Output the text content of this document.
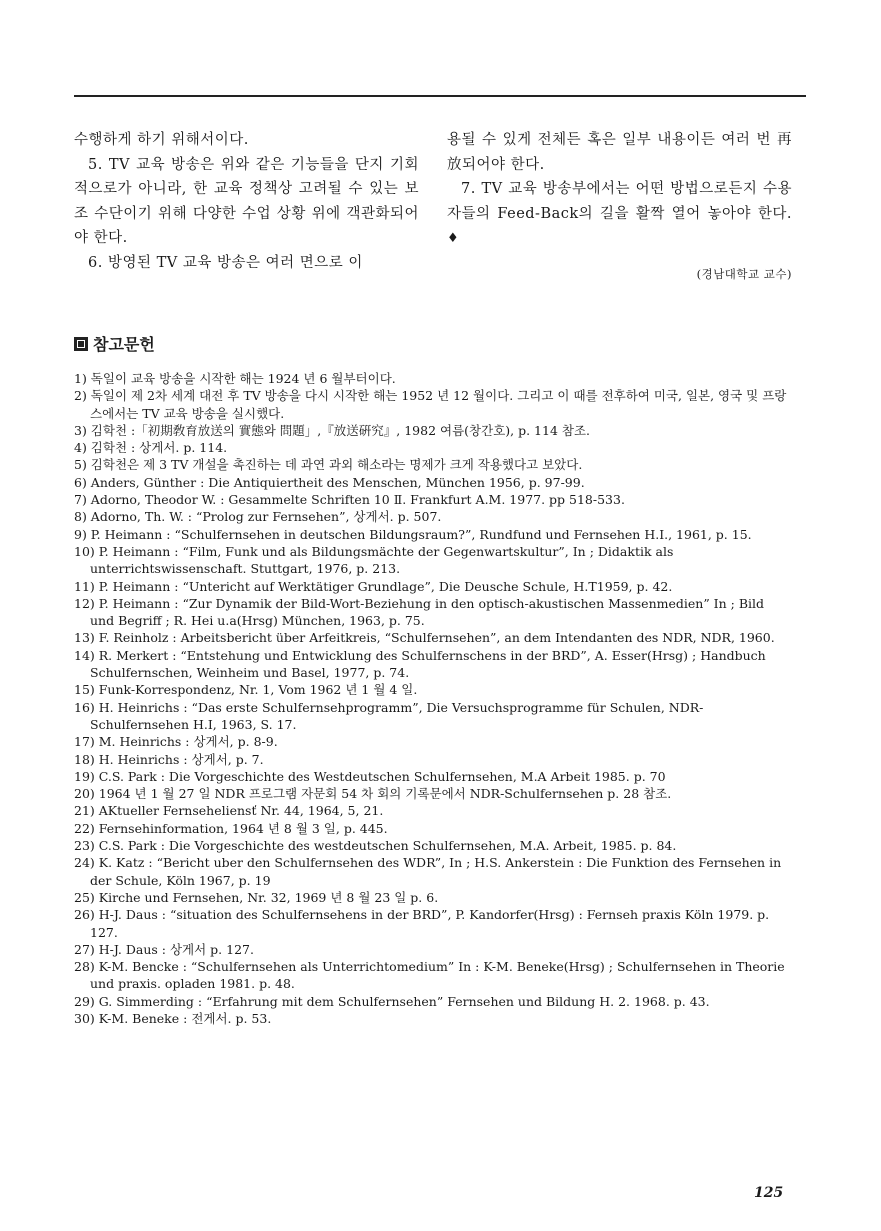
수행하게 하기 위해서이다.

5. TV 교육 방송은 위와 같은 기능들을 단지 기회적으로가 아니라, 한 교육 정책상 고려될 수 있는 보조 수단이기 위해 다양한 수업 상황 위에 객관화되어야 한다.

6. 방영된 TV 교육 방송은 여러 면으로 이

용될 수 있게 전체든 혹은 일부 내용이든 여러 번 再放되어야 한다.

7. TV 교육 방송부에서는 어떤 방법으로든지 수용자들의 Feed-Back의 길을 활짝 열어 놓아야 한다. ♦

(경남대학교 교수)

참고문헌
1) 독일이 교육 방송을 시작한 해는 1924 년 6 월부터이다.
2) 독일이 제 2차 세계 대전 후 TV 방송을 다시 시작한 해는 1952 년 12 월이다. 그리고 이 때를 전후하여 미국, 일본, 영국 및 프랑스에서는 TV 교육 방송을 실시했다.
3) 김학천 :「初期敎育放送의 實態와 問題」,『放送硏究』, 1982 여름(창간호), p. 114 참조.
4) 김학천 : 상게서. p. 114.
5) 김학천은 제 3 TV 개설을 촉진하는 데 과연 과외 해소라는 명제가 크게 작용했다고 보았다.
6) Anders, Günther : Die Antiquiertheit des Menschen, München 1956, p. 97-99.
7) Adorno, Theodor W. : Gesammelte Schriften 10 Ⅱ. Frankfurt A.M. 1977. pp 518-533.
8) Adorno, Th. W. : “Prolog zur Fernsehen”, 상게서. p. 507.
9) P. Heimann : “Schulfernsehen in deutschen Bildungsraum?”, Rundfund und Fernsehen H.I., 1961, p. 15.
10) P. Heimann : “Film, Funk und als Bildungsmächte der Gegenwartskultur”, In ; Didaktik als unterrichtswissenschaft. Stuttgart, 1976, p. 213.
11) P. Heimann : “Untericht auf Werktätiger Grundlage”, Die Deusche Schule, H.T1959, p. 42.
12) P. Heimann : “Zur Dynamik der Bild-Wort-Beziehung in den optisch-akustischen Massenmedien” In ; Bild und Begriff ; R. Hei u.a(Hrsg) München, 1963, p. 75.
13) F. Reinholz : Arbeitsbericht über Arfeitkreis, “Schulfernsehen”, an dem Intendanten des NDR, NDR, 1960.
14) R. Merkert : “Entstehung und Entwicklung des Schulfernschens in der BRD”, A. Esser(Hrsg) ; Handbuch Schulfernschen, Weinheim und Basel, 1977, p. 74.
15) Funk-Korrespondenz, Nr. 1, Vom 1962 년 1 월 4 일.
16) H. Heinrichs : “Das erste Schulfernsehprogramm”, Die Versuchsprogramme für Schulen, NDR-Schulfernsehen H.I, 1963, S. 17.
17) M. Heinrichs : 상게서, p. 8-9.
18) H. Heinrichs : 상게서, p. 7.
19) C.S. Park : Die Vorgeschichte des Westdeutschen Schulfernsehen, M.A Arbeit 1985. p. 70
20) 1964 년 1 월 27 일 NDR 프로그램 자문회 54 차 회의 기록문에서 NDR-Schulfernsehen p. 28 참조.
21) AKtueller Fernseheliensť Nr. 44, 1964, 5, 21.
22) Fernsehinformation, 1964 년 8 월 3 일, p. 445.
23) C.S. Park : Die Vorgeschichte des westdeutschen Schulfernsehen, M.A. Arbeit, 1985. p. 84.
24) K. Katz : “Bericht uber den Schulfernsehen des WDR”, In ; H.S. Ankerstein : Die Funktion des Fernsehen in der Schule, Köln 1967, p. 19
25) Kirche und Fernsehen, Nr. 32, 1969 년 8 월 23 일 p. 6.
26) H-J. Daus : “situation des Schulfernsehens in der BRD”, P. Kandorfer(Hrsg) : Fernseh praxis Köln 1979. p. 127.
27) H-J. Daus : 상게서 p. 127.
28) K-M. Bencke : “Schulfernsehen als Unterrichtomedium” In : K-M. Beneke(Hrsg) ; Schulfernsehen in Theorie und praxis. opladen 1981. p. 48.
29) G. Simmerding : “Erfahrung mit dem Schulfernsehen” Fernsehen und Bildung H. 2. 1968. p. 43.
30) K-M. Beneke : 전게서. p. 53.
125
